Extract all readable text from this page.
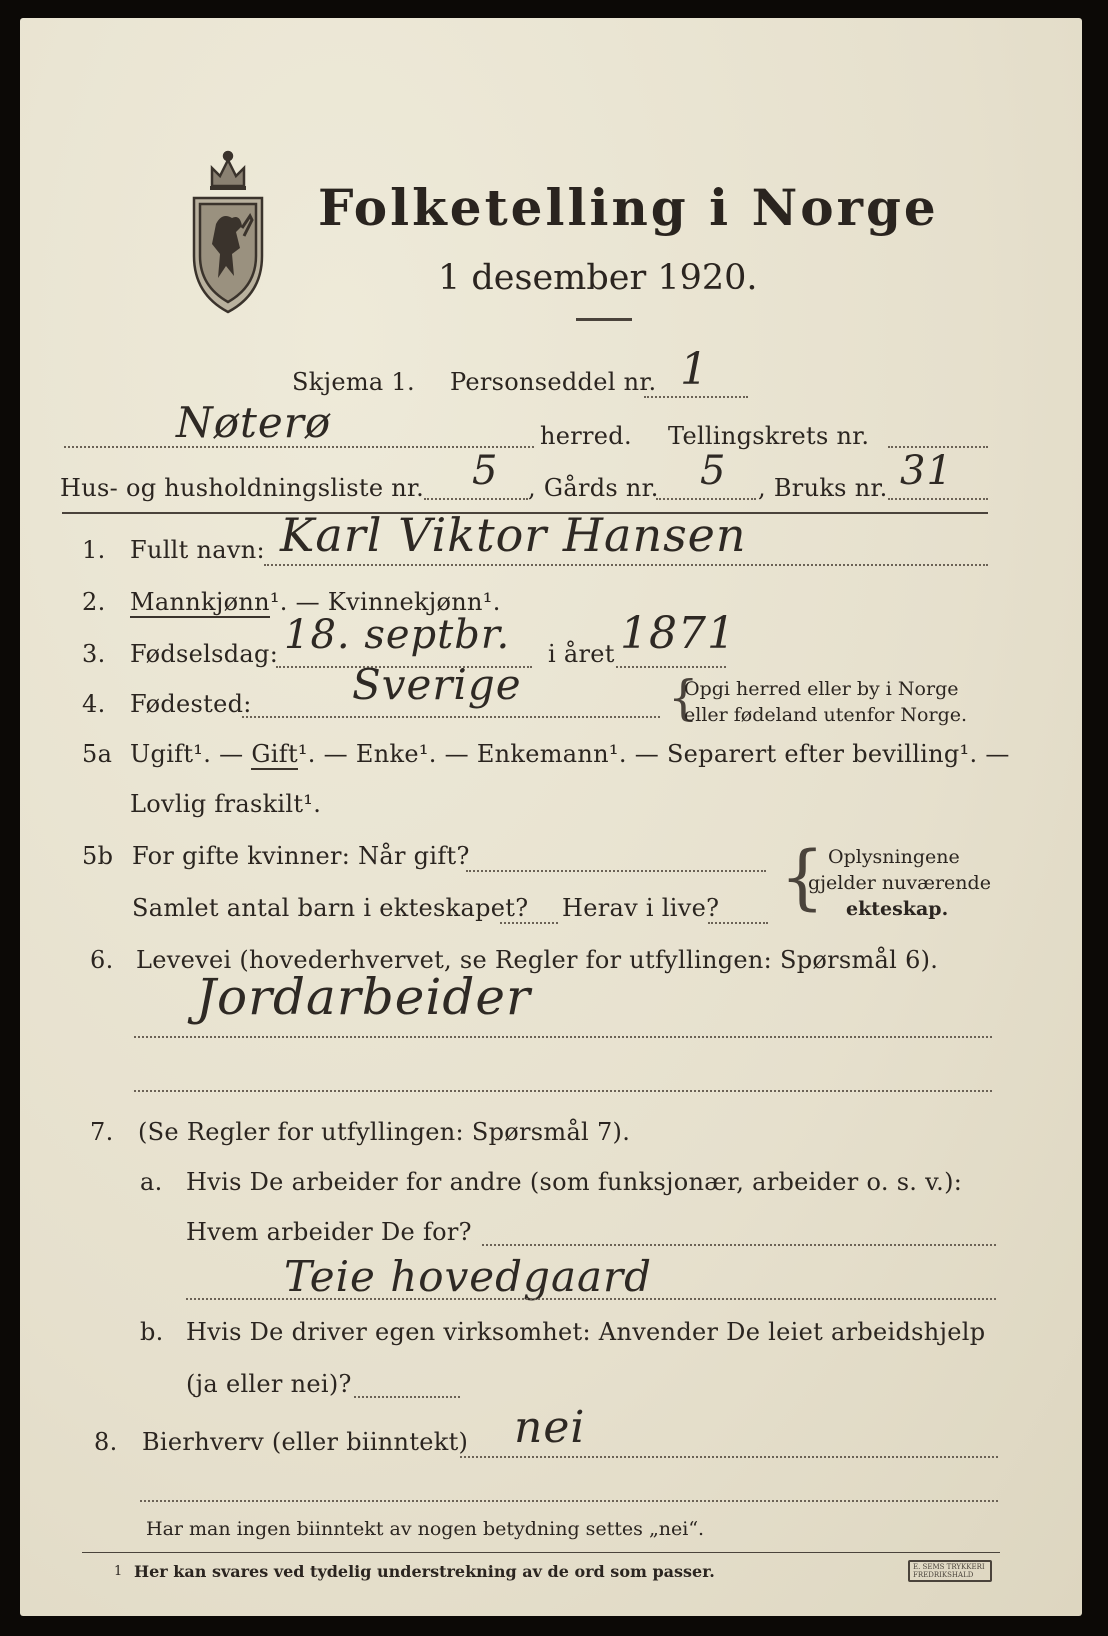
Folketelling i Norge
1 desember 1920.
Skjema 1. Personseddel nr. 1
Nøterø	herred. Tellingskrets nr.
Hus- og husholdningsliste nr. 5 , Gårds nr. 5 , Bruks nr. 31
1. Fullt navn: Karl Viktor Hansen
2. Mannkjønn¹. — Kvinnekjønn¹.
3. Fødselsdag: 18. septbr. i året 1871
4. Fødested: Sverige	{
Opgi herred eller by i Norge
eller fødeland utenfor Norge.
5a Ugift¹. — Gift¹. — Enke¹. — Enkemann¹. — Separert efter bevilling¹. —
Lovlig fraskilt¹.
5b For gifte kvinner: Når gift?
Samlet antal barn i ekteskapet? Herav i live? { Oplysningene
gjelder nuværende
ekteskap.
6. Levevei (hovederhvervet, se Regler for utfyllingen: Spørsmål 6).
Jordarbeider
7. (Se Regler for utfyllingen: Spørsmål 7).
a. Hvis De arbeider for andre (som funksjonær, arbeider o. s. v.):
Hvem arbeider De for?
Teie hovedgaard
b. Hvis De driver egen virksomhet: Anvender De leiet arbeidshjelp
(ja eller nei)?
8. Bierhverv (eller biinntekt) nei
Har man ingen biinntekt av nogen betydning settes „nei“.
1 Her kan svares ved tydelig understrekning av de ord som passer.	E. SEMS TRYKKERI FREDRIKSHALD
